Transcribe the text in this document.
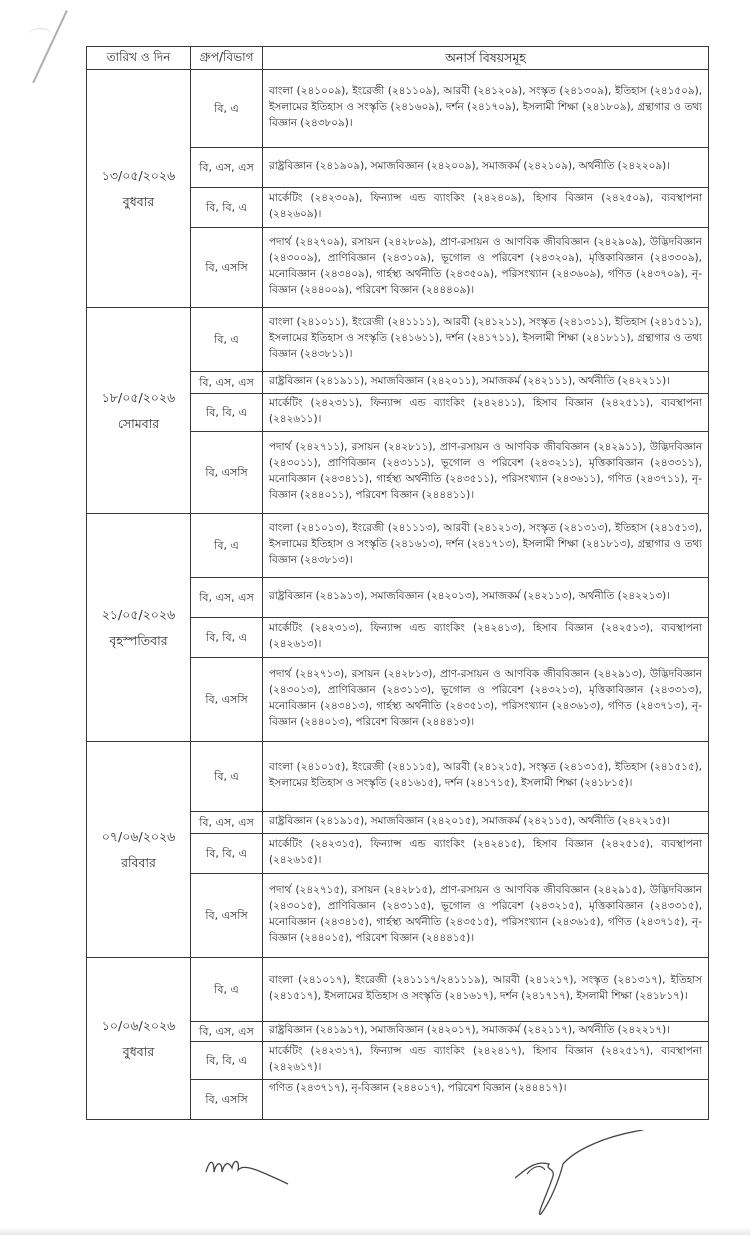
তারিখ ও দিন	গ্রুপ/বিভাগ	অনার্স বিষয়সমূহ

১৩/০৫/২০২৬
বুধবার	বি, এ	বাংলা (২৪১০০৯), ইংরেজী (২৪১১০৯), আরবী (২৪১২০৯), সংস্কৃত (২৪১৩০৯), ইতিহাস (২৪১৫০৯), ইসলামের ইতিহাস ও সংস্কৃতি (২৪১৬০৯), দর্শন (২৪১৭০৯), ইসলামী শিক্ষা (২৪১৮০৯), গ্রন্থাগার ও তথ্য বিজ্ঞান (২৪৩৮০৯)।
	বি, এস, এস	রাষ্ট্রবিজ্ঞান (২৪১৯০৯), সমাজবিজ্ঞান (২৪২০০৯), সমাজকর্ম (২৪২১০৯), অর্থনীতি (২৪২২০৯)।
	বি, বি, এ	মার্কেটিং (২৪২৩০৯), ফিন্যান্স এন্ড ব্যাংকিং (২৪২৪০৯), হিসাব বিজ্ঞান (২৪২৫০৯), ব্যবস্থাপনা (২৪২৬০৯)।
	বি, এসসি	পদার্থ (২৪২৭০৯), রসায়ন (২৪২৮০৯), প্রাণ-রসায়ন ও আণবিক জীববিজ্ঞান (২৪২৯০৯), উদ্ভিদবিজ্ঞান (২৪৩০০৯), প্রাণিবিজ্ঞান (২৪৩১০৯), ভূগোল ও পরিবেশ (২৪৩২০৯), মৃত্তিকাবিজ্ঞান (২৪৩৩০৯), মনোবিজ্ঞান (২৪৩৪০৯), গার্হস্থ্য অর্থনীতি (২৪৩৫০৯), পরিসংখ্যান (২৪৩৬০৯), গণিত (২৪৩৭০৯), নৃ-বিজ্ঞান (২৪৪০০৯), পরিবেশ বিজ্ঞান (২৪৪৪০৯)।

১৮/০৫/২০২৬
সোমবার	বি, এ	বাংলা (২৪১০১১), ইংরেজী (২৪১১১১), আরবী (২৪১২১১), সংস্কৃত (২৪১৩১১), ইতিহাস (২৪১৫১১), ইসলামের ইতিহাস ও সংস্কৃতি (২৪১৬১১), দর্শন (২৪১৭১১), ইসলামী শিক্ষা (২৪১৮১১), গ্রন্থাগার ও তথ্য বিজ্ঞান (২৪৩৮১১)।
	বি, এস, এস	রাষ্ট্রবিজ্ঞান (২৪১৯১১), সমাজবিজ্ঞান (২৪২০১১), সমাজকর্ম (২৪২১১১), অর্থনীতি (২৪২২১১)।
	বি, বি, এ	মার্কেটিং (২৪২৩১১), ফিন্যান্স এন্ড ব্যাংকিং (২৪২৪১১), হিসাব বিজ্ঞান (২৪২৫১১), ব্যবস্থাপনা (২৪২৬১১)।
	বি, এসসি	পদার্থ (২৪২৭১১), রসায়ন (২৪২৮১১), প্রাণ-রসায়ন ও আণবিক জীববিজ্ঞান (২৪২৯১১), উদ্ভিদবিজ্ঞান (২৪৩০১১), প্রাণিবিজ্ঞান (২৪৩১১১), ভূগোল ও পরিবেশ (২৪৩২১১), মৃত্তিকাবিজ্ঞান (২৪৩৩১১), মনোবিজ্ঞান (২৪৩৪১১), গার্হস্থ্য অর্থনীতি (২৪৩৫১১), পরিসংখ্যান (২৪৩৬১১), গণিত (২৪৩৭১১), নৃ-বিজ্ঞান (২৪৪০১১), পরিবেশ বিজ্ঞান (২৪৪৪১১)।

২১/০৫/২০২৬
বৃহস্পতিবার	বি, এ	বাংলা (২৪১০১৩), ইংরেজী (২৪১১১৩), আরবী (২৪১২১৩), সংস্কৃত (২৪১৩১৩), ইতিহাস (২৪১৫১৩), ইসলামের ইতিহাস ও সংস্কৃতি (২৪১৬১৩), দর্শন (২৪১৭১৩), ইসলামী শিক্ষা (২৪১৮১৩), গ্রন্থাগার ও তথ্য বিজ্ঞান (২৪৩৮১৩)।
	বি, এস, এস	রাষ্ট্রবিজ্ঞান (২৪১৯১৩), সমাজবিজ্ঞান (২৪২০১৩), সমাজকর্ম (২৪২১১৩), অর্থনীতি (২৪২২১৩)।
	বি, বি, এ	মার্কেটিং (২৪২৩১৩), ফিন্যান্স এন্ড ব্যাংকিং (২৪২৪১৩), হিসাব বিজ্ঞান (২৪২৫১৩), ব্যবস্থাপনা (২৪২৬১৩)।
	বি, এসসি	পদার্থ (২৪২৭১৩), রসায়ন (২৪২৮১৩), প্রাণ-রসায়ন ও আণবিক জীববিজ্ঞান (২৪২৯১৩), উদ্ভিদবিজ্ঞান (২৪৩০১৩), প্রাণিবিজ্ঞান (২৪৩১১৩), ভূগোল ও পরিবেশ (২৪৩২১৩), মৃত্তিকাবিজ্ঞান (২৪৩৩১৩), মনোবিজ্ঞান (২৪৩৪১৩), গার্হস্থ্য অর্থনীতি (২৪৩৫১৩), পরিসংখ্যান (২৪৩৬১৩), গণিত (২৪৩৭১৩), নৃ-বিজ্ঞান (২৪৪০১৩), পরিবেশ বিজ্ঞান (২৪৪৪১৩)।

০৭/০৬/২০২৬
রবিবার	বি, এ	বাংলা (২৪১০১৫), ইংরেজী (২৪১১১৫), আরবী (২৪১২১৫), সংস্কৃত (২৪১৩১৫), ইতিহাস (২৪১৫১৫), ইসলামের ইতিহাস ও সংস্কৃতি (২৪১৬১৫), দর্শন (২৪১৭১৫), ইসলামী শিক্ষা (২৪১৮১৫)।
	বি, এস, এস	রাষ্ট্রবিজ্ঞান (২৪১৯১৫), সমাজবিজ্ঞান (২৪২০১৫), সমাজকর্ম (২৪২১১৫), অর্থনীতি (২৪২২১৫)।
	বি, বি, এ	মার্কেটিং (২৪২৩১৫), ফিন্যান্স এন্ড ব্যাংকিং (২৪২৪১৫), হিসাব বিজ্ঞান (২৪২৫১৫), ব্যবস্থাপনা (২৪২৬১৫)।
	বি, এসসি	পদার্থ (২৪২৭১৫), রসায়ন (২৪২৮১৫), প্রাণ-রসায়ন ও আণবিক জীববিজ্ঞান (২৪২৯১৫), উদ্ভিদবিজ্ঞান (২৪৩০১৫), প্রাণিবিজ্ঞান (২৪৩১১৫), ভূগোল ও পরিবেশ (২৪৩২১৫), মৃত্তিকাবিজ্ঞান (২৪৩৩১৫), মনোবিজ্ঞান (২৪৩৪১৫), গার্হস্থ্য অর্থনীতি (২৪৩৫১৫), পরিসংখ্যান (২৪৩৬১৫), গণিত (২৪৩৭১৫), নৃ-বিজ্ঞান (২৪৪০১৫), পরিবেশ বিজ্ঞান (২৪৪৪১৫)।

১০/০৬/২০২৬
বুধবার	বি, এ	বাংলা (২৪১০১৭), ইংরেজী (২৪১১১৭/২৪১১১৯), আরবী (২৪১২১৭), সংস্কৃত (২৪১৩১৭), ইতিহাস (২৪১৫১৭), ইসলামের ইতিহাস ও সংস্কৃতি (২৪১৬১৭), দর্শন (২৪১৭১৭), ইসলামী শিক্ষা (২৪১৮১৭)।
	বি, এস, এস	রাষ্ট্রবিজ্ঞান (২৪১৯১৭), সমাজবিজ্ঞান (২৪২০১৭), সমাজকর্ম (২৪২১১৭), অর্থনীতি (২৪২২১৭)।
	বি, বি, এ	মার্কেটিং (২৪২৩১৭), ফিন্যান্স এন্ড ব্যাংকিং (২৪২৪১৭), হিসাব বিজ্ঞান (২৪২৫১৭), ব্যবস্থাপনা (২৪২৬১৭)।
	বি, এসসি	গণিত (২৪৩৭১৭), নৃ-বিজ্ঞান (২৪৪০১৭), পরিবেশ বিজ্ঞান (২৪৪৪১৭)।
